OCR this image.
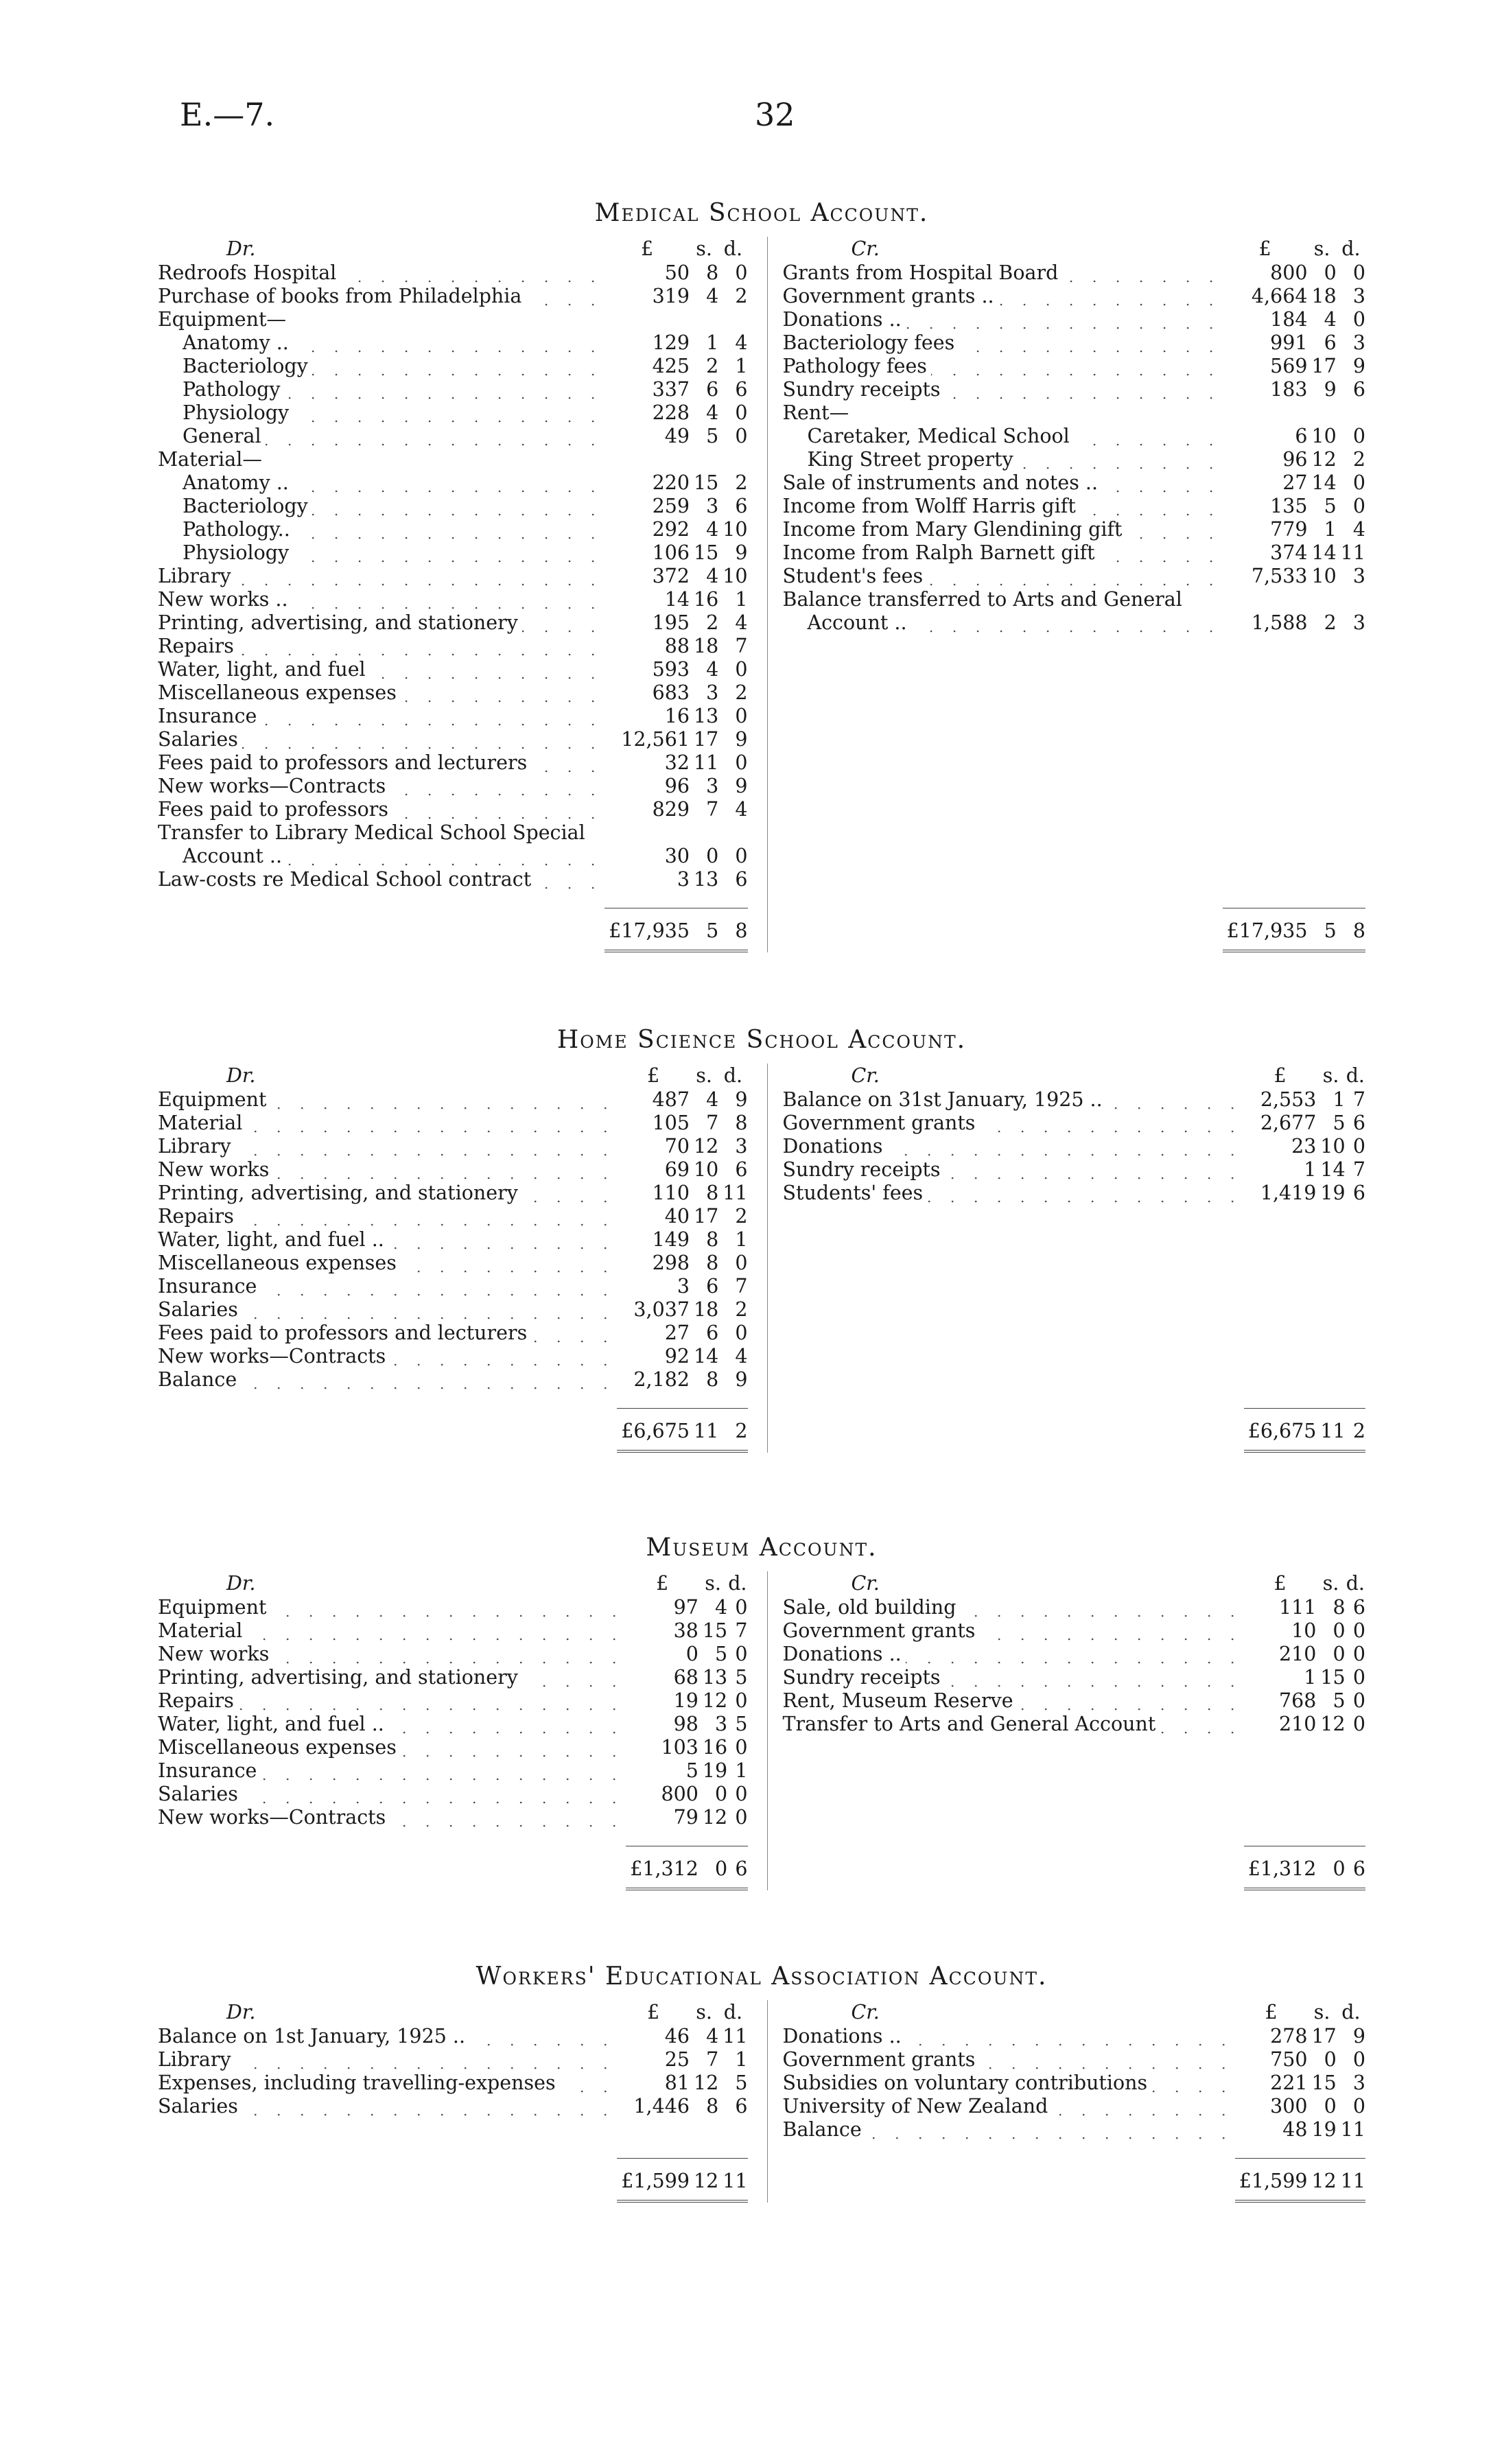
E.—7.	32
Medical School Account.
Dr.	£	s.	d.
Redroofs Hospital	50	8	0
Purchase of books from Philadelphia	319	4	2
Equipment—			
Anatomy ..	129	1	4
Bacteriology	425	2	1
Pathology	337	6	6
Physiology	228	4	0
General	49	5	0
Material—			
Anatomy ..	220	15	2
Bacteriology	259	3	6
Pathology..	292	4	10
Physiology	106	15	9
Library	372	4	10
New works ..	14	16	1
Printing, advertising, and stationery	195	2	4
Repairs	88	18	7
Water, light, and fuel	593	4	0
Miscellaneous expenses	683	3	2
Insurance	16	13	0
Salaries	12,561	17	9
Fees paid to professors and lecturers	32	11	0
New works—Contracts	96	3	9
Fees paid to professors	829	7	4
Transfer to Library Medical School Special			
Account ..	30	0	0
Law-costs re Medical School contract	3	13	6

	£17,935	5	8
Cr.	£	s.	d.
Grants from Hospital Board	800	0	0
Government grants ..	4,664	18	3
Donations ..	184	4	0
Bacteriology fees	991	6	3
Pathology fees	569	17	9
Sundry receipts	183	9	6
Rent—			
Caretaker, Medical School	6	10	0
King Street property	96	12	2
Sale of instruments and notes ..	27	14	0
Income from Wolff Harris gift	135	5	0
Income from Mary Glendining gift	779	1	4
Income from Ralph Barnett gift	374	14	11
Student's fees	7,533	10	3
Balance transferred to Arts and General			
Account ..	1,588	2	3

	£17,935	5	8
Home Science School Account.
Dr.	£	s.	d.
Equipment	487	4	9
Material	105	7	8
Library	70	12	3
New works	69	10	6
Printing, advertising, and stationery	110	8	11
Repairs	40	17	2
Water, light, and fuel ..	149	8	1
Miscellaneous expenses	298	8	0
Insurance	3	6	7
Salaries	3,037	18	2
Fees paid to professors and lecturers	27	6	0
New works—Contracts	92	14	4
Balance	2,182	8	9

	£6,675	11	2
Cr.	£	s.	d.
Balance on 31st January, 1925 ..	2,553	1	7
Government grants	2,677	5	6
Donations	23	10	0
Sundry receipts	1	14	7
Students' fees	1,419	19	6

	£6,675	11	2
Museum Account.
Dr.	£	s.	d.
Equipment	97	4	0
Material	38	15	7
New works	0	5	0
Printing, advertising, and stationery	68	13	5
Repairs	19	12	0
Water, light, and fuel ..	98	3	5
Miscellaneous expenses	103	16	0
Insurance	5	19	1
Salaries	800	0	0
New works—Contracts	79	12	0

	£1,312	0	6
Cr.	£	s.	d.
Sale, old building	111	8	6
Government grants	10	0	0
Donations ..	210	0	0
Sundry receipts	1	15	0
Rent, Museum Reserve	768	5	0
Transfer to Arts and General Account	210	12	0

	£1,312	0	6
Workers' Educational Association Account.
Dr.	£	s.	d.
Balance on 1st January, 1925 ..	46	4	11
Library	25	7	1
Expenses, including travelling-expenses	81	12	5
Salaries	1,446	8	6

	£1,599	12	11
Cr.	£	s.	d.
Donations ..	278	17	9
Government grants	750	0	0
Subsidies on voluntary contributions	221	15	3
University of New Zealand	300	0	0
Balance	48	19	11

	£1,599	12	11
